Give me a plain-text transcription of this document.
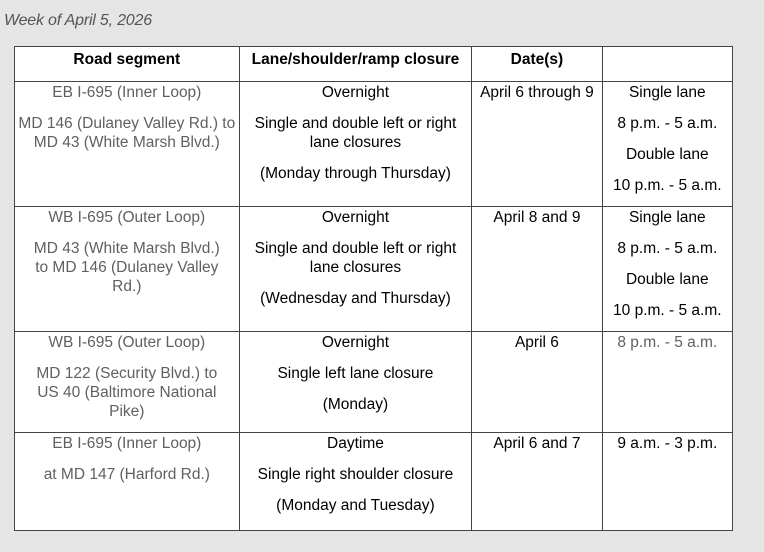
Week of April 5, 2026
Road segment	Lane/shoulder/ramp closure	Date(s)	

EB I-695 (Inner Loop)
MD 146 (Dulaney Valley Rd.) to
MD 43 (White Marsh Blvd.)	Overnight
Single and double left or right
lane closures
(Monday through Thursday)	April 6 through 9	Single lane
8 p.m. - 5 a.m.
Double lane
10 p.m. - 5 a.m.

WB I-695 (Outer Loop)
MD 43 (White Marsh Blvd.)
to MD 146 (Dulaney Valley
Rd.)	Overnight
Single and double left or right
lane closures
(Wednesday and Thursday)	April 8 and 9	Single lane
8 p.m. - 5 a.m.
Double lane
10 p.m. - 5 a.m.

WB I-695 (Outer Loop)
MD 122 (Security Blvd.) to
US 40 (Baltimore National
Pike)	Overnight
Single left lane closure
(Monday)	April 6	8 p.m. - 5 a.m.

EB I-695 (Inner Loop)
at MD 147 (Harford Rd.)	Daytime
Single right shoulder closure
(Monday and Tuesday)	April 6 and 7	9 a.m. - 3 p.m.
